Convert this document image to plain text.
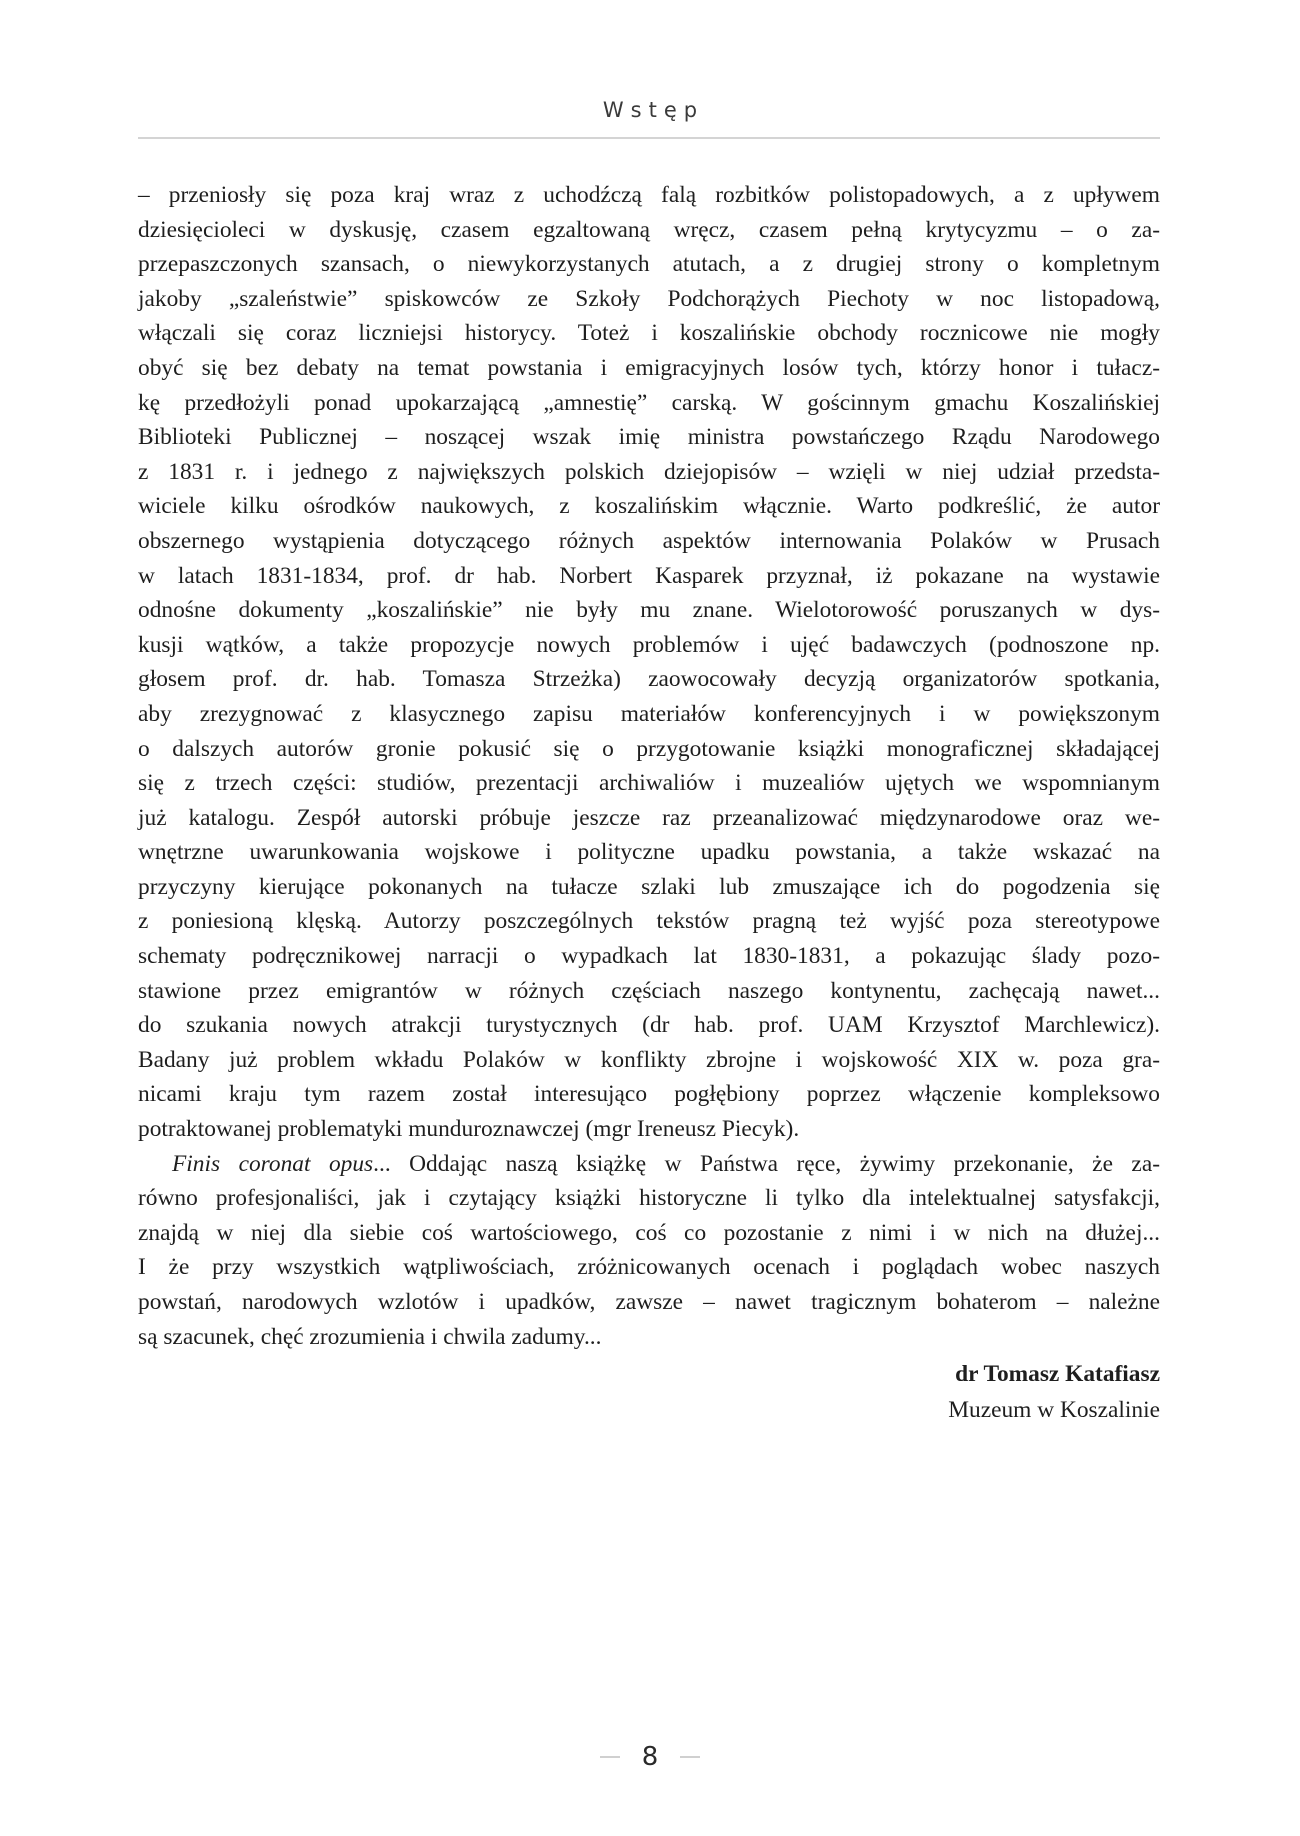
Wstęp

– przeniosły się poza kraj wraz z uchodźczą falą rozbitków polistopadowych, a z upływem
dziesięcioleci w dyskusję, czasem egzaltowaną wręcz, czasem pełną krytycyzmu – o za-
przepaszczonych szansach, o niewykorzystanych atutach, a z drugiej strony o kompletnym
jakoby „szaleństwie” spiskowców ze Szkoły Podchorążych Piechoty w noc listopadową,
włączali się coraz liczniejsi historycy. Toteż i koszalińskie obchody rocznicowe nie mogły
obyć się bez debaty na temat powstania i emigracyjnych losów tych, którzy honor i tułacz-
kę przedłożyli ponad upokarzającą „amnestię” carską. W gościnnym gmachu Koszalińskiej
Biblioteki Publicznej – noszącej wszak imię ministra powstańczego Rządu Narodowego
z 1831 r. i jednego z największych polskich dziejopisów – wzięli w niej udział przedsta-
wiciele kilku ośrodków naukowych, z koszalińskim włącznie. Warto podkreślić, że autor
obszernego wystąpienia dotyczącego różnych aspektów internowania Polaków w Prusach
w latach 1831-1834, prof. dr hab. Norbert Kasparek przyznał, iż pokazane na wystawie
odnośne dokumenty „koszalińskie” nie były mu znane. Wielotorowość poruszanych w dys-
kusji wątków, a także propozycje nowych problemów i ujęć badawczych (podnoszone np.
głosem prof. dr. hab. Tomasza Strzeżka) zaowocowały decyzją organizatorów spotkania,
aby zrezygnować z klasycznego zapisu materiałów konferencyjnych i w powiększonym
o dalszych autorów gronie pokusić się o przygotowanie książki monograficznej składającej
się z trzech części: studiów, prezentacji archiwaliów i muzealiów ujętych we wspomnianym
już katalogu. Zespół autorski próbuje jeszcze raz przeanalizować międzynarodowe oraz we-
wnętrzne uwarunkowania wojskowe i polityczne upadku powstania, a także wskazać na
przyczyny kierujące pokonanych na tułacze szlaki lub zmuszające ich do pogodzenia się
z poniesioną klęską. Autorzy poszczególnych tekstów pragną też wyjść poza stereotypowe
schematy podręcznikowej narracji o wypadkach lat 1830-1831, a pokazując ślady pozo-
stawione przez emigrantów w różnych częściach naszego kontynentu, zachęcają nawet...
do szukania nowych atrakcji turystycznych (dr hab. prof. UAM Krzysztof Marchlewicz).
Badany już problem wkładu Polaków w konflikty zbrojne i wojskowość XIX w. poza gra-
nicami kraju tym razem został interesująco pogłębiony poprzez włączenie kompleksowo
potraktowanej problematyki munduroznawczej (mgr Ireneusz Piecyk).

Finis coronat opus... Oddając naszą książkę w Państwa ręce, żywimy przekonanie, że za-
równo profesjonaliści, jak i czytający książki historyczne li tylko dla intelektualnej satysfakcji,
znajdą w niej dla siebie coś wartościowego, coś co pozostanie z nimi i w nich na dłużej...
I że przy wszystkich wątpliwościach, zróżnicowanych ocenach i poglądach wobec naszych
powstań, narodowych wzlotów i upadków, zawsze – nawet tragicznym bohaterom – należne
są szacunek, chęć zrozumienia i chwila zadumy...

dr Tomasz Katafiasz
Muzeum w Koszalinie
8
